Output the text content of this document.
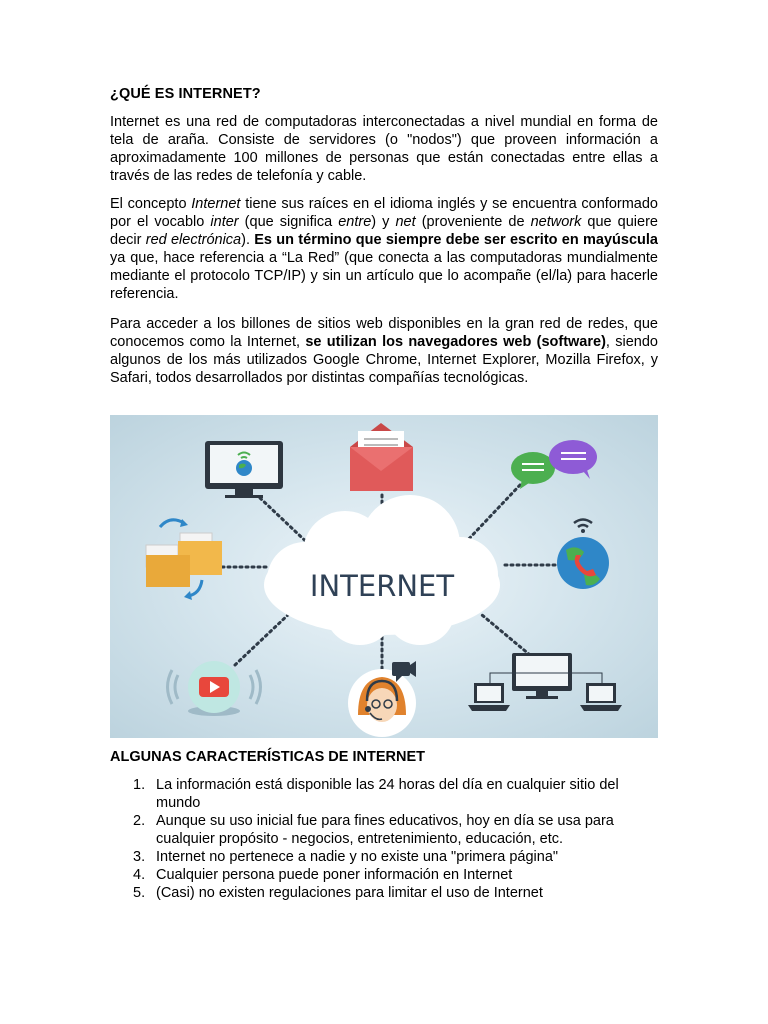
¿QUÉ ES INTERNET?

Internet es una red de computadoras interconectadas a nivel mundial en forma de tela de araña. Consiste de servidores (o "nodos") que proveen información a aproximadamente 100 millones de personas que están conectadas entre ellas a través de las redes de telefonía y cable.

El concepto Internet tiene sus raíces en el idioma inglés y se encuentra conformado por el vocablo inter (que significa entre) y net (proveniente de network que quiere decir red electrónica). Es un término que siempre debe ser escrito en mayúscula ya que, hace referencia a “La Red” (que conecta a las computadoras mundialmente mediante el protocolo TCP/IP) y sin un artículo que lo acompañe (el/la) para hacerle referencia.

Para acceder a los billones de sitios web disponibles en la gran red de redes, que conocemos como la Internet, se utilizan los navegadores web (software), siendo algunos de los más utilizados Google Chrome, Internet Explorer, Mozilla Firefox, y Safari, todos desarrollados por distintas compañías tecnológicas.

INTERNET
ALGUNAS CARACTERÍSTICAS DE INTERNET
1. La información está disponible las 24 horas del día en cualquier sitio del mundo
2. Aunque su uso inicial fue para fines educativos, hoy en día se usa para cualquier propósito - negocios, entretenimiento, educación, etc.
3. Internet no pertenece a nadie y no existe una "primera página"
4. Cualquier persona puede poner información en Internet
5. (Casi) no existen regulaciones para limitar el uso de Internet
